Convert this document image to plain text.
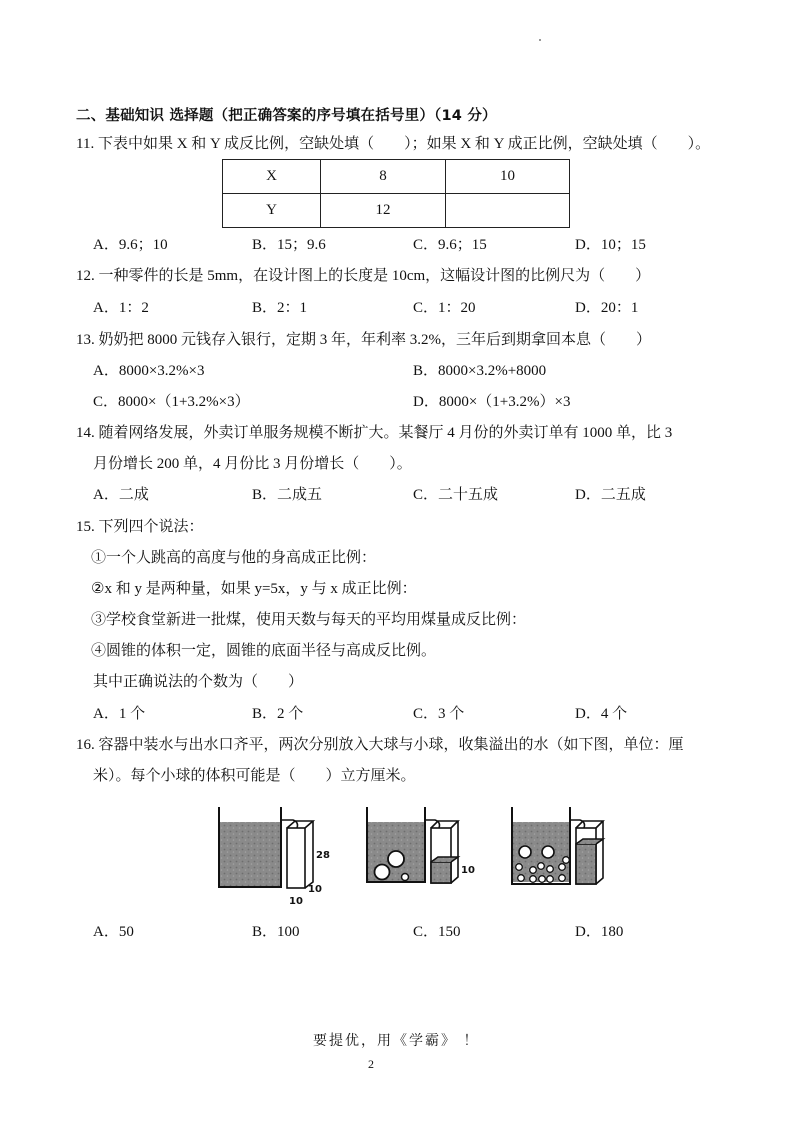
二、基础知识 选择题（把正确答案的序号填在括号里）（14 分）
11. 下表中如果 X 和 Y 成反比例，空缺处填（　　）；如果 X 和 Y 成正比例，空缺处填（　　）。
X	8	10
Y	12	
A．9.6；10	B．15；9.6	C．9.6；15	D．10；15
12. 一种零件的长是 5mm，在设计图上的长度是 10cm，这幅设计图的比例尺为（　　）
A．1：2	B．2：1	C．1：20	D．20：1
13. 奶奶把 8000 元钱存入银行，定期 3 年，年利率 3.2%，三年后到期拿回本息（　　）
A．8000×3.2%×3	B．8000×3.2%+8000
C．8000×（1+3.2%×3）	D．8000×（1+3.2%）×3
14. 随着网络发展，外卖订单服务规模不断扩大。某餐厅 4 月份的外卖订单有 1000 单，比 3
月份增长 200 单，4 月份比 3 月份增长（　　）。
A．二成	B．二成五	C．二十五成	D．二五成
15. 下列四个说法：
①一个人跳高的高度与他的身高成正比例：
②x 和 y 是两种量，如果 y=5x，y 与 x 成正比例：
③学校食堂新进一批煤，使用天数与每天的平均用煤量成反比例：
④圆锥的体积一定，圆锥的底面半径与高成反比例。
其中正确说法的个数为（　　）
A．1 个	B．2 个	C．3 个	D．4 个
16. 容器中装水与出水口齐平，两次分别放入大球与小球，收集溢出的水（如下图，单位：厘
米）。每个小球的体积可能是（　　）立方厘米。
28
10
10
10
A．50	B．100	C．150	D．180
要提优，用《学霸》 ！
2
